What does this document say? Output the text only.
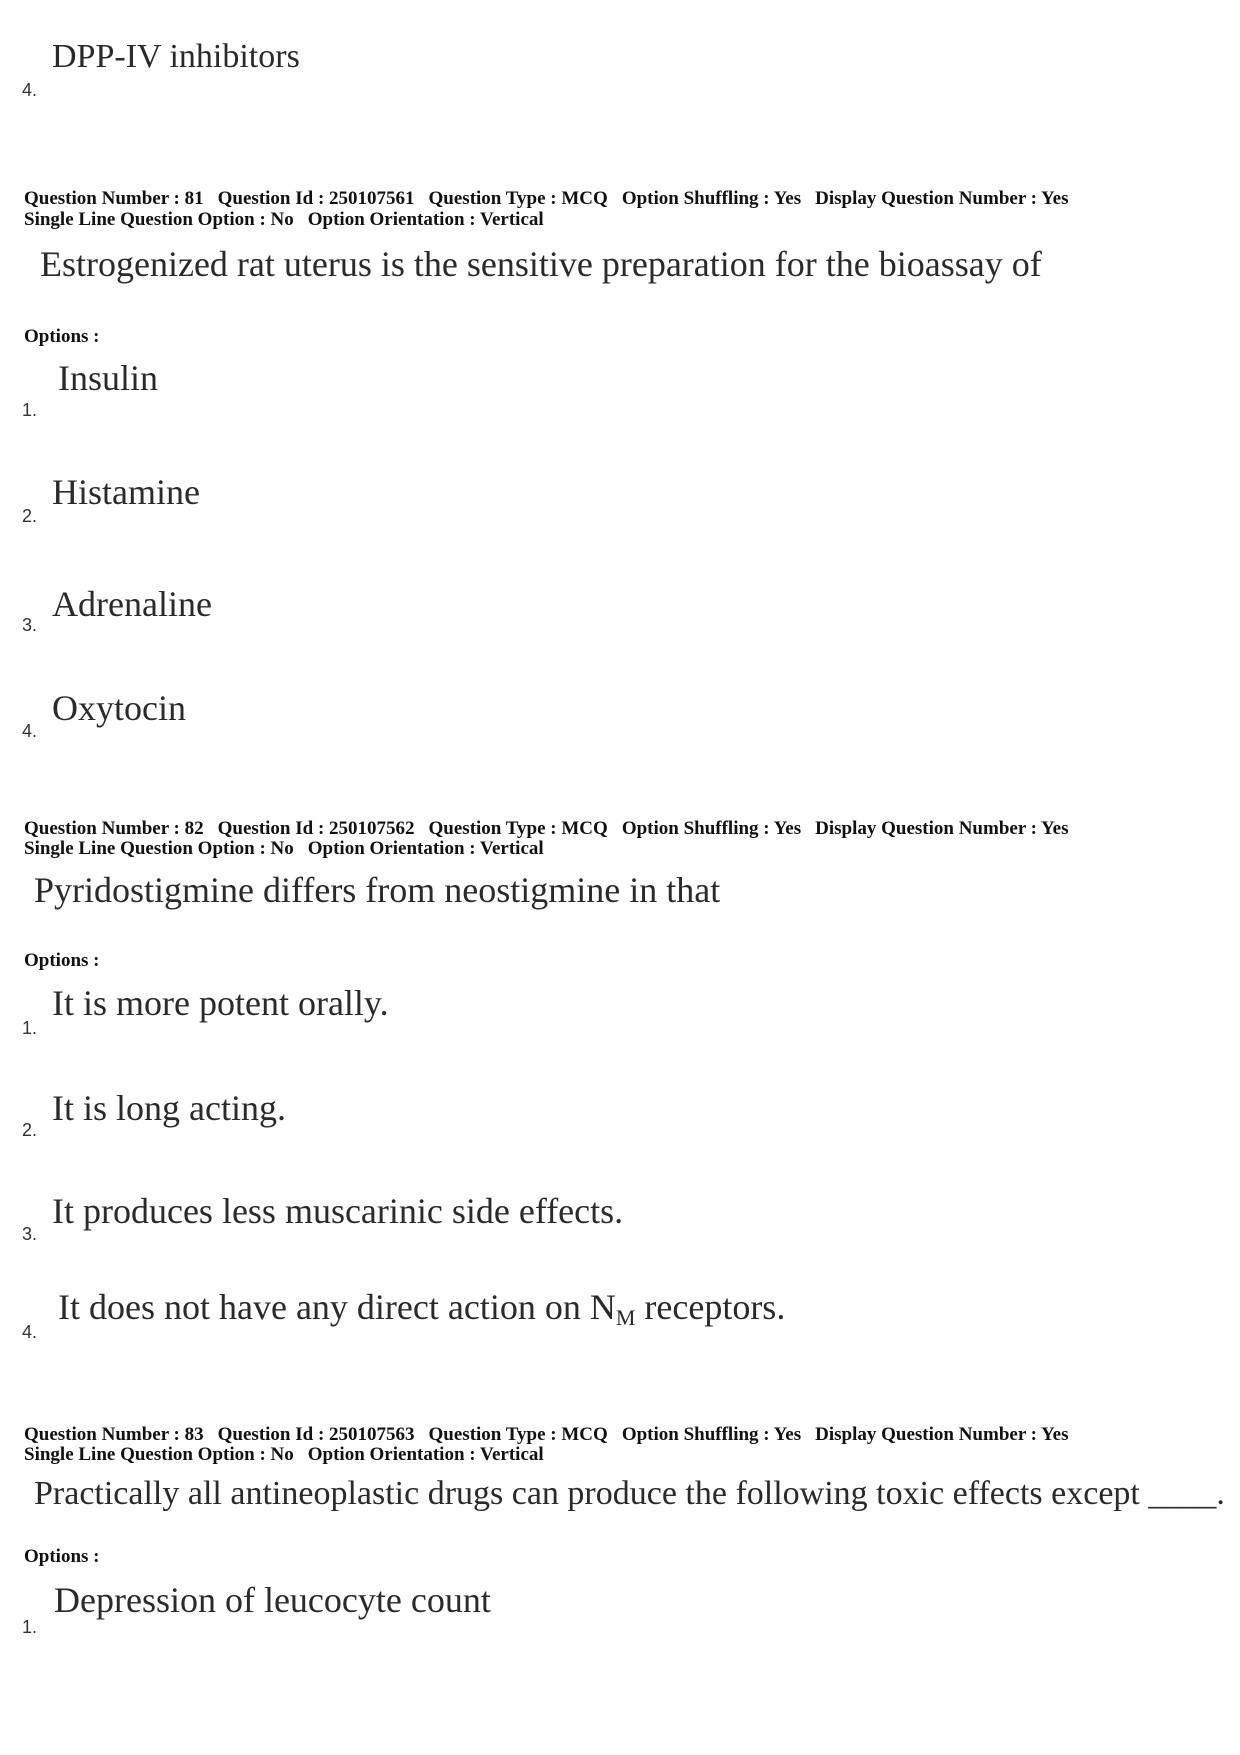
DPP-IV inhibitors
4.
Question Number : 81 Question Id : 250107561 Question Type : MCQ Option Shuffling : Yes Display Question Number : Yes
Single Line Question Option : No Option Orientation : Vertical
Estrogenized rat uterus is the sensitive preparation for the bioassay of
Options :
Insulin
1.
Histamine
2.
Adrenaline
3.
Oxytocin
4.
Question Number : 82 Question Id : 250107562 Question Type : MCQ Option Shuffling : Yes Display Question Number : Yes
Single Line Question Option : No Option Orientation : Vertical
Pyridostigmine differs from neostigmine in that
Options :
It is more potent orally.
1.
It is long acting.
2.
It produces less muscarinic side effects.
3.
It does not have any direct action on $N_M$ receptors.
4.
Question Number : 83 Question Id : 250107563 Question Type : MCQ Option Shuffling : Yes Display Question Number : Yes
Single Line Question Option : No Option Orientation : Vertical
Practically all antineoplastic drugs can produce the following toxic effects except ____.
Options :
Depression of leucocyte count
1.
